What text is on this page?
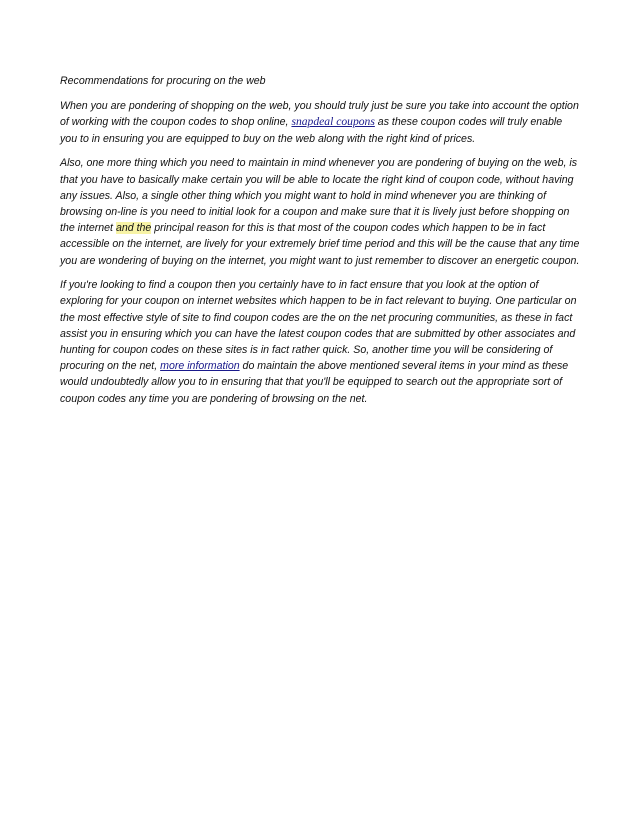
Recommendations for procuring on the web

When you are pondering of shopping on the web, you should truly just be sure you take into account the option of working with the coupon codes to shop online, snapdeal coupons as these coupon codes will truly enable you to in ensuring you are equipped to buy on the web along with the right kind of prices.

Also, one more thing which you need to maintain in mind whenever you are pondering of buying on the web, is that you have to basically make certain you will be able to locate the right kind of coupon code, without having any issues. Also, a single other thing which you might want to hold in mind whenever you are thinking of browsing on-line is you need to initial look for a coupon and make sure that it is lively just before shopping on the internet and the principal reason for this is that most of the coupon codes which happen to be in fact accessible on the internet, are lively for your extremely brief time period and this will be the cause that any time you are wondering of buying on the internet, you might want to just remember to discover an energetic coupon.

If you're looking to find a coupon then you certainly have to in fact ensure that you look at the option of exploring for your coupon on internet websites which happen to be in fact relevant to buying. One particular on the most effective style of site to find coupon codes are the on the net procuring communities, as these in fact assist you in ensuring which you can have the latest coupon codes that are submitted by other associates and hunting for coupon codes on these sites is in fact rather quick. So, another time you will be considering of procuring on the net, more information do maintain the above mentioned several items in your mind as these would undoubtedly allow you to in ensuring that that you'll be equipped to search out the appropriate sort of coupon codes any time you are pondering of browsing on the net.
